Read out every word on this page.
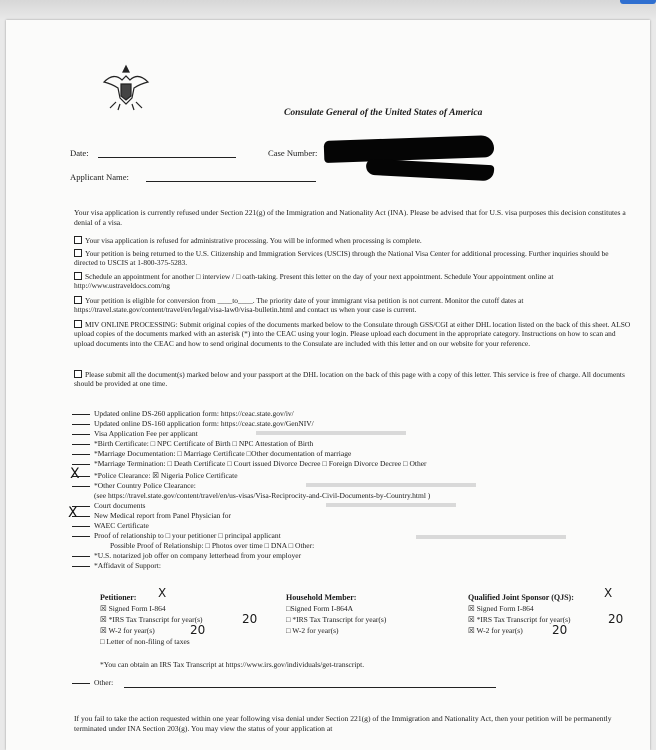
Consulate General of the United States of America
Date:	Case Number:
Applicant Name:
Your visa application is currently refused under Section 221(g) of the Immigration and Nationality Act (INA). Please be advised that for U.S. visa purposes this decision constitutes a denial of a visa.
Your visa application is refused for administrative processing. You will be informed when processing is complete.
Your petition is being returned to the U.S. Citizenship and Immigration Services (USCIS) through the National Visa Center for additional processing. Further inquiries should be directed to USCIS at 1-800-375-5283.
Schedule an appointment for another □ interview / □ oath-taking. Present this letter on the day of your next appointment. Schedule Your appointment online at http://www.ustraveldocs.com/ng
Your petition is eligible for conversion from ____to____. The priority date of your immigrant visa petition is not current. Monitor the cutoff dates at https://travel.state.gov/content/travel/en/legal/visa-law0/visa-bulletin.html and contact us when your case is current.
MIV ONLINE PROCESSING: Submit original copies of the documents marked below to the Consulate through GSS/CGI at either DHL location listed on the back of this sheet. ALSO upload copies of the documents marked with an asterisk (*) into the CEAC using your login. Please upload each document in the appropriate category. Instructions on how to scan and upload documents into the CEAC and how to send original documents to the Consulate are included with this letter and on our website for your reference.
Please submit all the document(s) marked below and your passport at the DHL location on the back of this page with a copy of this letter. This service is free of charge. All documents should be provided at one time.
Updated online DS-260 application form: https://ceac.state.gov/iv/
Updated online DS-160 application form: https://ceac.state.gov/GenNIV/
Visa Application Fee per applicant
*Birth Certificate: □ NPC Certificate of Birth □ NPC Attestation of Birth
*Marriage Documentation: □ Marriage Certificate □Other documentation of marriage
*Marriage Termination: □ Death Certificate □ Court issued Divorce Decree □ Foreign Divorce Decree □ Other
*Police Clearance: ☒ Nigeria Police Certificate
X
*Other Country Police Clearance:
(see https://travel.state.gov/content/travel/en/us-visas/Visa-Reciprocity-and-Civil-Documents-by-Country.html )
Court documents
New Medical report from Panel Physician for
X
WAEC Certificate
Proof of relationship to □ your petitioner □ principal applicant
Possible Proof of Relationship: □ Photos over time □ DNA □ Other:
*U.S. notarized job offer on company letterhead from your employer
*Affidavit of Support:
Petitioner:
☒ Signed Form I-864
☒ *IRS Tax Transcript for year(s)
☒ W-2 for year(s)
□ Letter of non-filing of taxes
X
20
20
Household Member:
□Signed Form I-864A
□ *IRS Tax Transcript for year(s)
□ W-2 for year(s)
Qualified Joint Sponsor (QJS):
☒ Signed Form I-864
☒ *IRS Tax Transcript for year(s)
☒ W-2 for year(s)
X
20
20
*You can obtain an IRS Tax Transcript at https://www.irs.gov/individuals/get-transcript.
Other:
If you fail to take the action requested within one year following visa denial under Section 221(g) of the Immigration and Nationality Act, then your petition will be permanently terminated under INA Section 203(g). You may view the status of your application at
